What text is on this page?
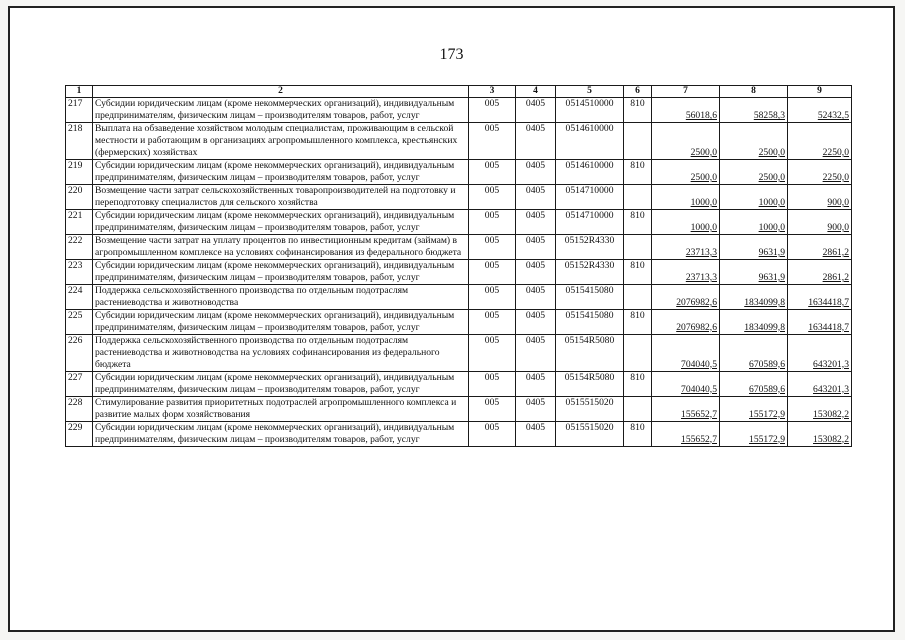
173
1	2	3	4	5	6	7	8	9
217	Субсидии юридическим лицам (кроме некоммерческих организаций), индивидуальным предпринимателям, физическим лицам – производителям товаров, работ, услуг	005	0405	0514510000	810	56018,6	58258,3	52432,5
218	Выплата на обзаведение хозяйством молодым специалистам, проживающим в сельской местности и работающим в организациях агропромышленного комплекса, крестьянских (фермерских) хозяйствах	005	0405	0514610000		2500,0	2500,0	2250,0
219	Субсидии юридическим лицам (кроме некоммерческих организаций), индивидуальным предпринимателям, физическим лицам – производителям товаров, работ, услуг	005	0405	0514610000	810	2500,0	2500,0	2250,0
220	Возмещение части затрат сельскохозяйственных товаропроизводителей на подготовку и переподготовку специалистов для сельского хозяйства	005	0405	0514710000		1000,0	1000,0	900,0
221	Субсидии юридическим лицам (кроме некоммерческих организаций), индивидуальным предпринимателям, физическим лицам – производителям товаров, работ, услуг	005	0405	0514710000	810	1000,0	1000,0	900,0
222	Возмещение части затрат на уплату процентов по инвестиционным кредитам (займам) в агропромышленном комплексе на условиях софинансирования из федерального бюджета	005	0405	05152R4330		23713,3	9631,9	2861,2
223	Субсидии юридическим лицам (кроме некоммерческих организаций), индивидуальным предпринимателям, физическим лицам – производителям товаров, работ, услуг	005	0405	05152R4330	810	23713,3	9631,9	2861,2
224	Поддержка сельскохозяйственного производства по отдельным подотраслям растениеводства и животноводства	005	0405	0515415080		2076982,6	1834099,8	1634418,7
225	Субсидии юридическим лицам (кроме некоммерческих организаций), индивидуальным предпринимателям, физическим лицам – производителям товаров, работ, услуг	005	0405	0515415080	810	2076982,6	1834099,8	1634418,7
226	Поддержка сельскохозяйственного производства по отдельным подотраслям растениеводства и животноводства на условиях софинансирования из федерального бюджета	005	0405	05154R5080		704040,5	670589,6	643201,3
227	Субсидии юридическим лицам (кроме некоммерческих организаций), индивидуальным предпринимателям, физическим лицам – производителям товаров, работ, услуг	005	0405	05154R5080	810	704040,5	670589,6	643201,3
228	Стимулирование развития приоритетных подотраслей агропромышленного комплекса и развитие малых форм хозяйствования	005	0405	0515515020		155652,7	155172,9	153082,2
229	Субсидии юридическим лицам (кроме некоммерческих организаций), индивидуальным предпринимателям, физическим лицам – производителям товаров, работ, услуг	005	0405	0515515020	810	155652,7	155172,9	153082,2
